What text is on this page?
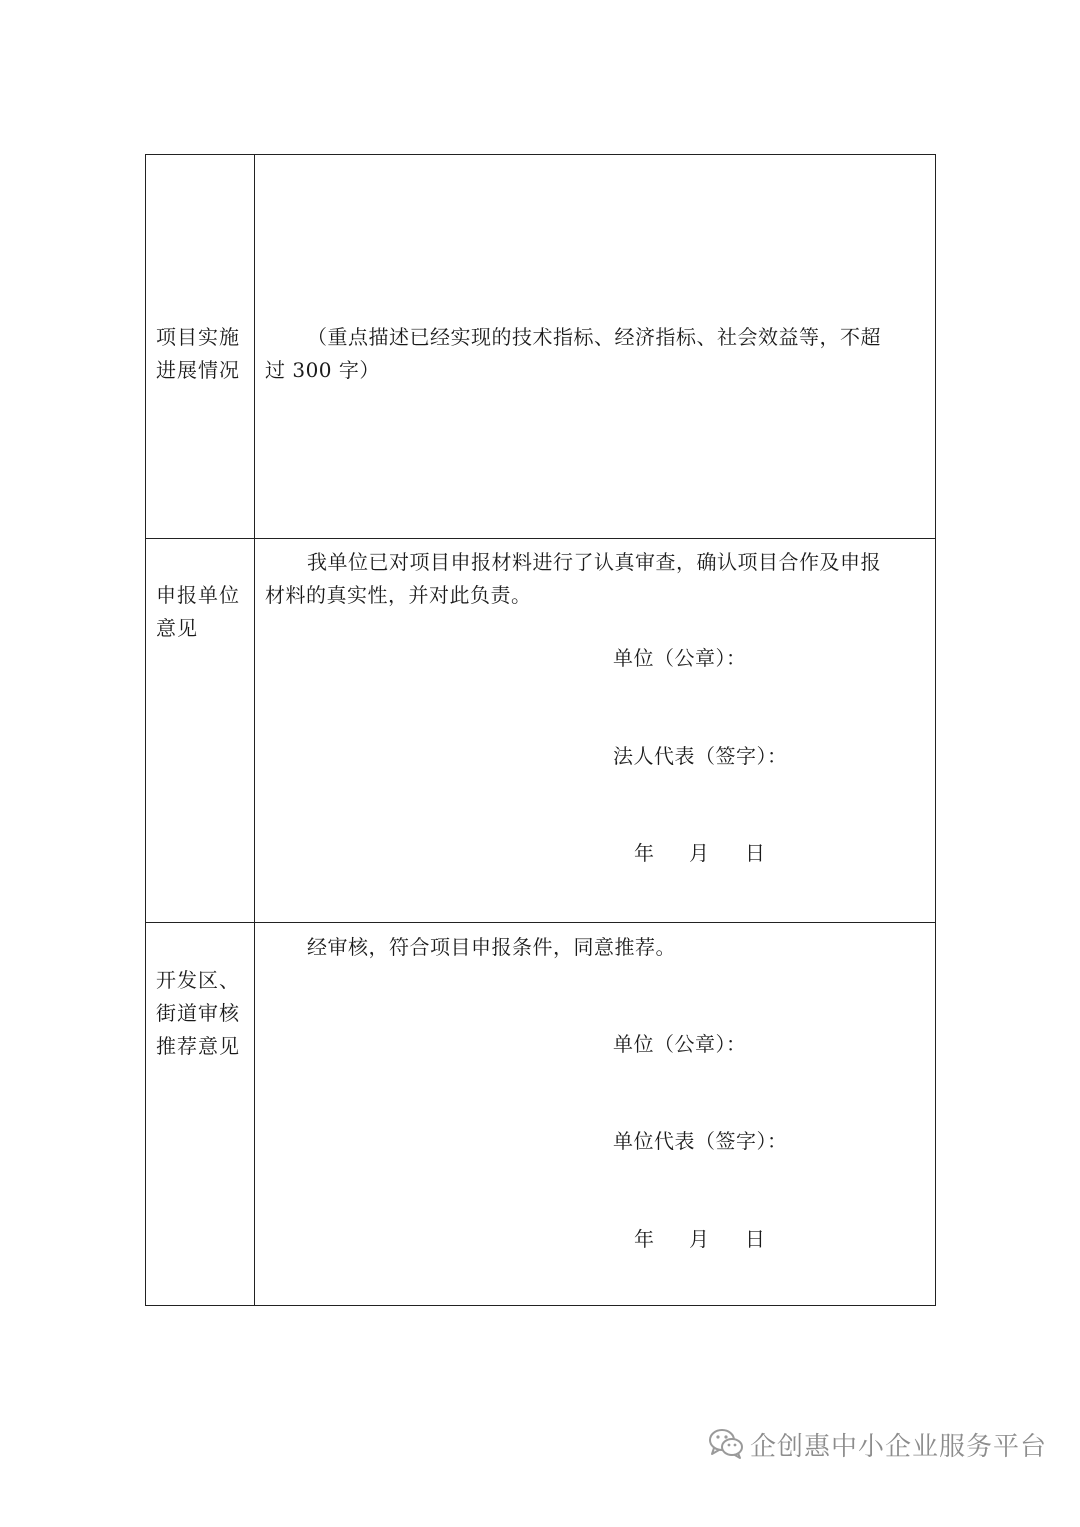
项目实施
进展情况
（重点描述已经实现的技术指标、经济指标、社会效益等，不超
过 300 字）
申报单位
意见
我单位已对项目申报材料进行了认真审查，确认项目合作及申报
材料的真实性，并对此负责。
单位（公章）：
法人代表（签字）：
年 月 日
开发区、
街道审核
推荐意见
经审核，符合项目申报条件，同意推荐。
单位（公章）：
单位代表（签字）：
年 月 日
企创惠中小企业服务平台
